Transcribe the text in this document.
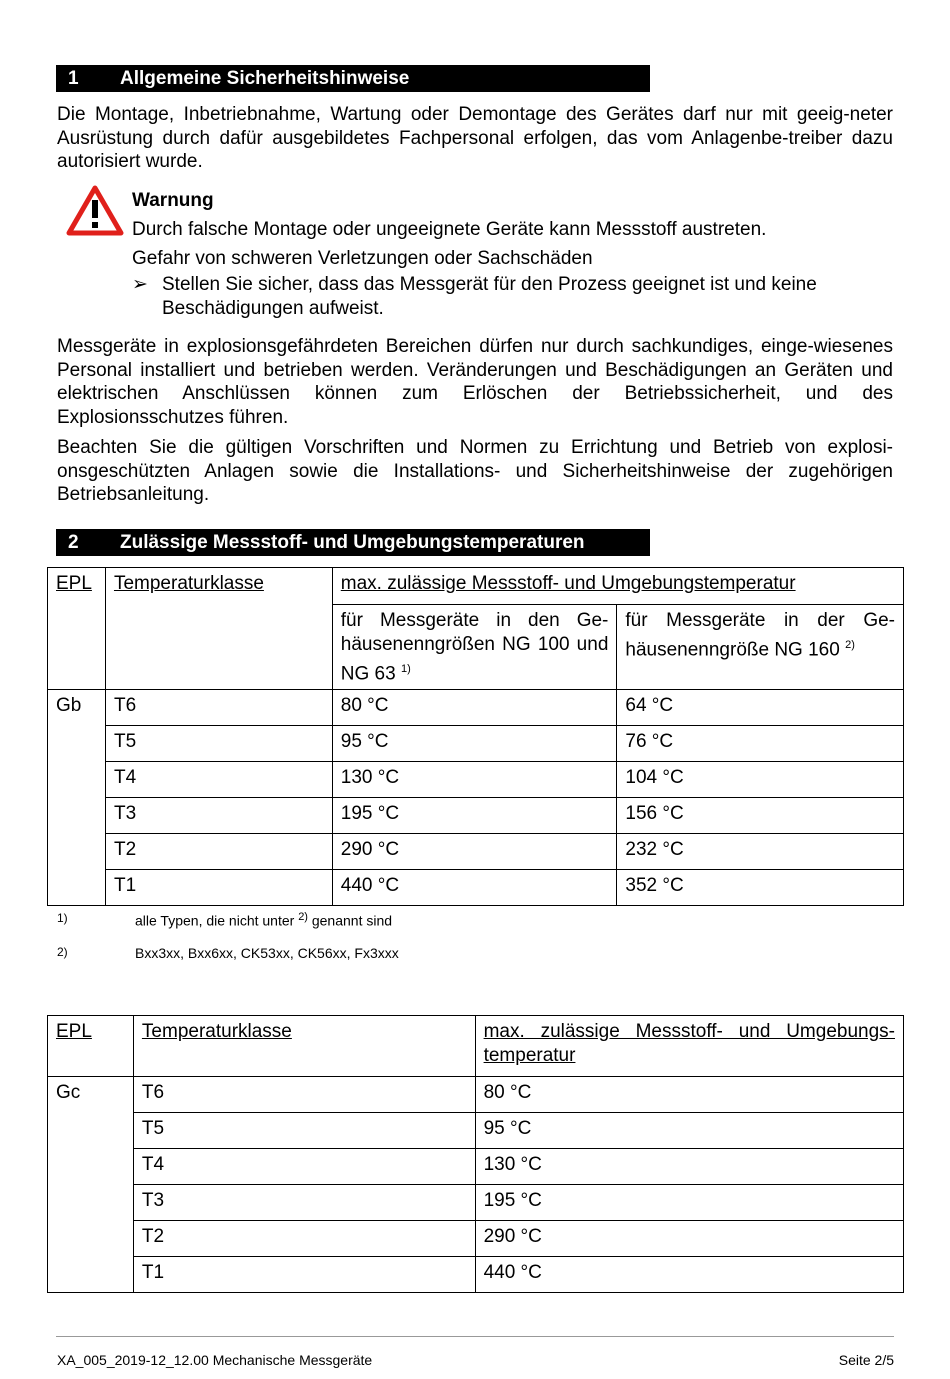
1 Allgemeine Sicherheitshinweise

Die Montage, Inbetriebnahme, Wartung oder Demontage des Gerätes darf nur mit geeig-neter Ausrüstung durch dafür ausgebildetes Fachpersonal erfolgen, das vom Anlagenbe-treiber dazu autorisiert wurde.

Warnung
Durch falsche Montage oder ungeeignete Geräte kann Messstoff austreten.
Gefahr von schweren Verletzungen oder Sachschäden
➢ Stellen Sie sicher, dass das Messgerät für den Prozess geeignet ist und keine Beschädigungen aufweist.

Messgeräte in explosionsgefährdeten Bereichen dürfen nur durch sachkundiges, einge-wiesenes Personal installiert und betrieben werden. Veränderungen und Beschädigungen an Geräten und elektrischen Anschlüssen können zum Erlöschen der Betriebssicherheit, und des Explosionsschutzes führen.

Beachten Sie die gültigen Vorschriften und Normen zu Errichtung und Betrieb von explosi-onsgeschützten Anlagen sowie die Installations- und Sicherheitshinweise der zugehörigen Betriebsanleitung.

2 Zulässige Messstoff- und Umgebungstemperaturen
EPL	Temperaturklasse	max. zulässige Messstoff- und Umgebungstemperatur	
		für Messgeräte in den Ge-häusenenngrößen NG 100 und NG 63 $^{1)}$	für Messgeräte in der Ge-häusenenngröße NG 160 $^{2)}$
Gb	T6	80 °C	64 °C
	T5	95 °C	76 °C
	T4	130 °C	104 °C
	T3	195 °C	156 °C
	T2	290 °C	232 °C
	T1	440 °C	352 °C
1)	alle Typen, die nicht unter $^{2)}$ genannt sind
2)	Bxx3xx, Bxx6xx, CK53xx, CK56xx, Fx3xxx
EPL	Temperaturklasse	max. zulässige Messstoff- und Umgebungs-temperatur
Gc	T6	80 °C
	T5	95 °C
	T4	130 °C
	T3	195 °C
	T2	290 °C
	T1	440 °C
XA_005_2019-12_12.00 Mechanische Messgeräte	Seite 2/5
